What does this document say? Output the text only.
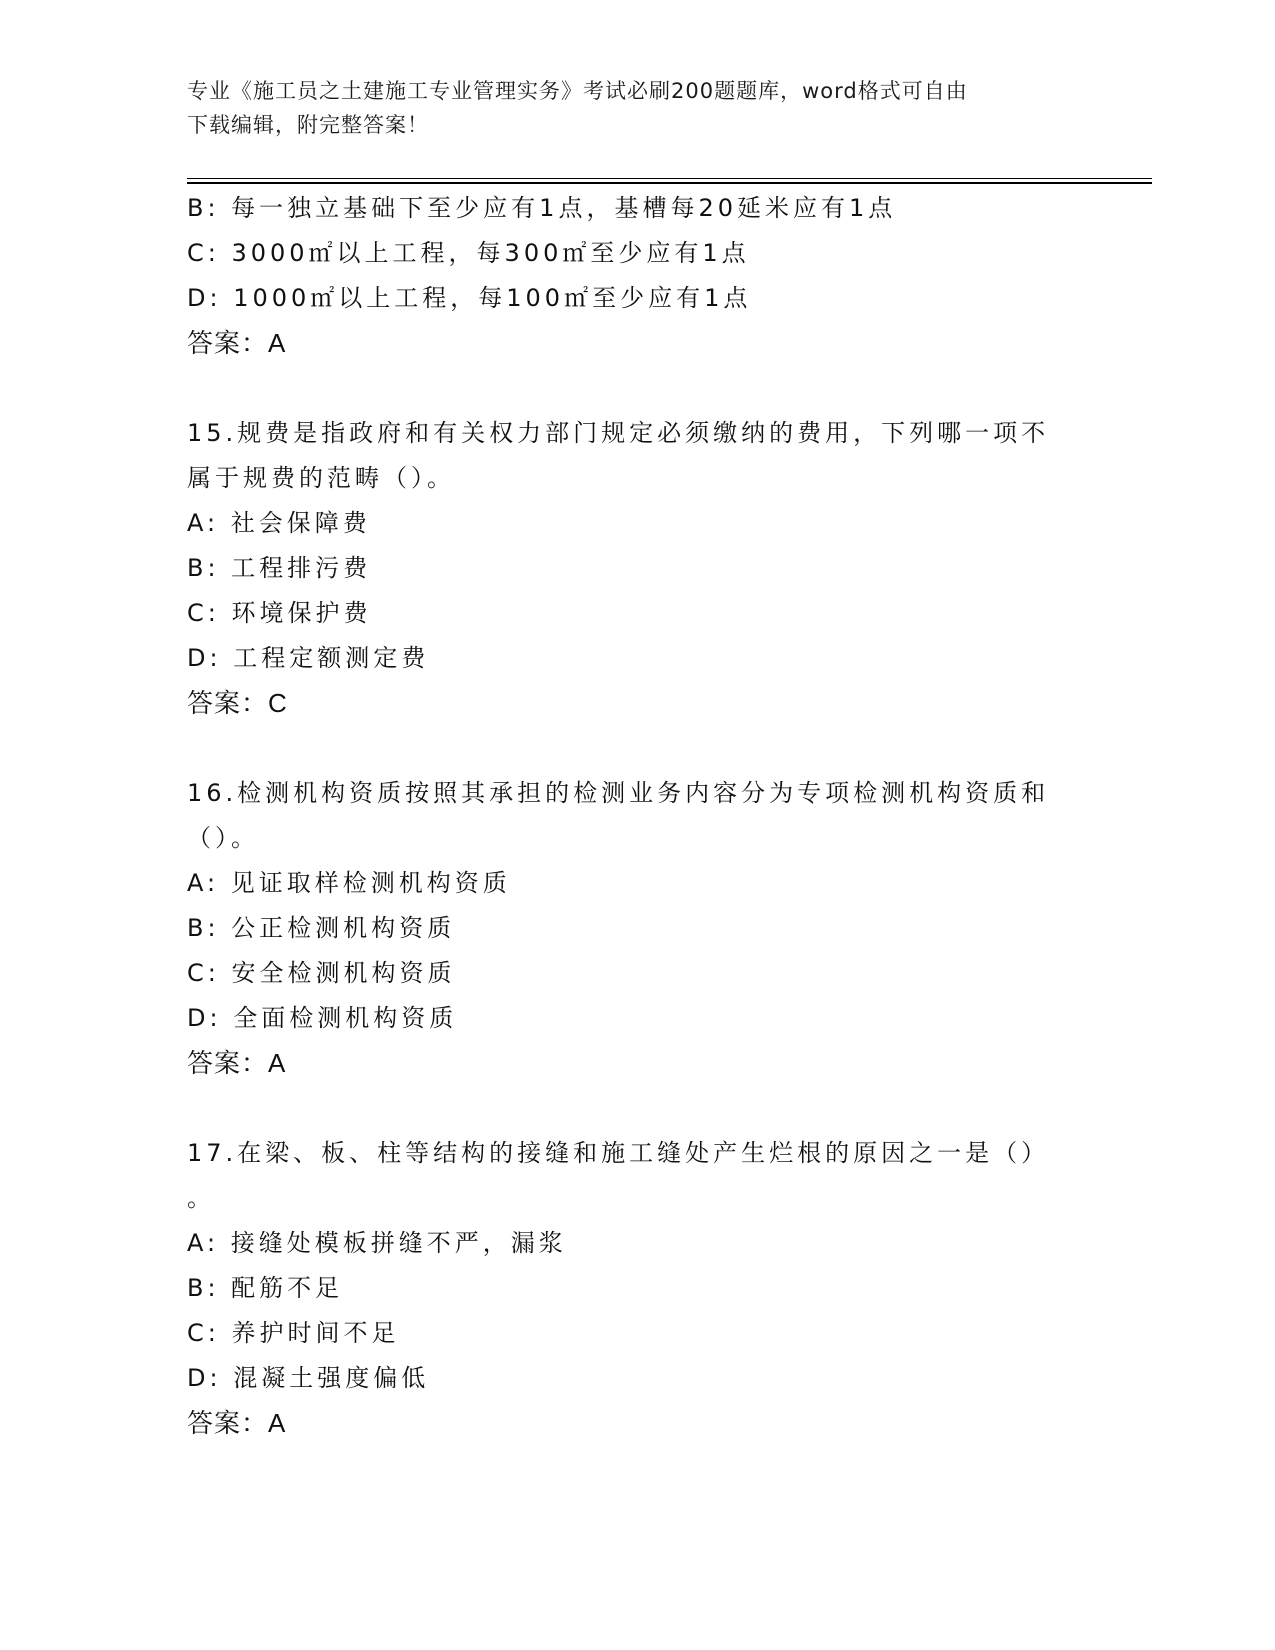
专业《施工员之土建施工专业管理实务》考试必刷200题题库，word格式可自由
下载编辑，附完整答案！
B: 每一独立基础下至少应有1点，基槽每20延米应有1点
C: 3000㎡以上工程，每300㎡至少应有1点
D: 1000㎡以上工程，每100㎡至少应有1点
答案：A
15.规费是指政府和有关权力部门规定必须缴纳的费用，下列哪一项不
属于规费的范畴（）。
A: 社会保障费
B: 工程排污费
C: 环境保护费
D: 工程定额测定费
答案：C
16.检测机构资质按照其承担的检测业务内容分为专项检测机构资质和
（）。
A: 见证取样检测机构资质
B: 公正检测机构资质
C: 安全检测机构资质
D: 全面检测机构资质
答案：A
17.在梁、板、柱等结构的接缝和施工缝处产生烂根的原因之一是（）
。
A: 接缝处模板拼缝不严，漏浆
B: 配筋不足
C: 养护时间不足
D: 混凝土强度偏低
答案：A
